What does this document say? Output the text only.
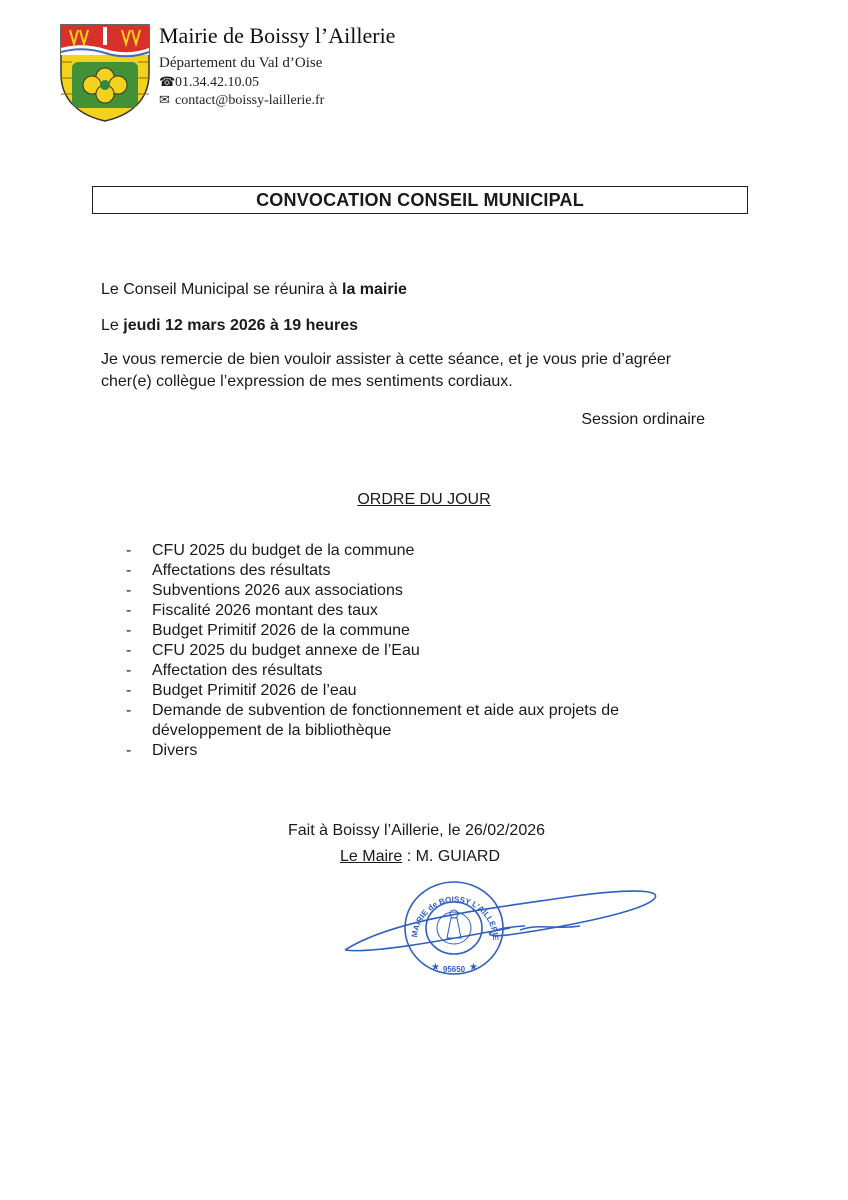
Mairie de Boissy l’Aillerie
Département du Val d’Oise
☎01.34.42.10.05
✉ contact@boissy-laillerie.fr
CONVOCATION CONSEIL MUNICIPAL
Le Conseil Municipal se réunira à la mairie
Le jeudi 12 mars 2026 à 19 heures
Je vous remercie de bien vouloir assister à cette séance, et je vous prie d’agréer
cher(e) collègue l’expression de mes sentiments cordiaux.
Session ordinaire
ORDRE DU JOUR
- CFU 2025 du budget de la commune
- Affectations des résultats
- Subventions 2026 aux associations
- Fiscalité 2026 montant des taux
- Budget Primitif 2026 de la commune
- CFU 2025 du budget annexe de l’Eau
- Affectation des résultats
- Budget Primitif 2026 de l’eau
- Demande de subvention de fonctionnement et aide aux projets de développement de la bibliothèque
- Divers
Fait à Boissy l’Aillerie, le 26/02/2026
Le Maire : M. GUIARD
★	★
95650
MAIRIE de BOISSY L’AILLERIE
